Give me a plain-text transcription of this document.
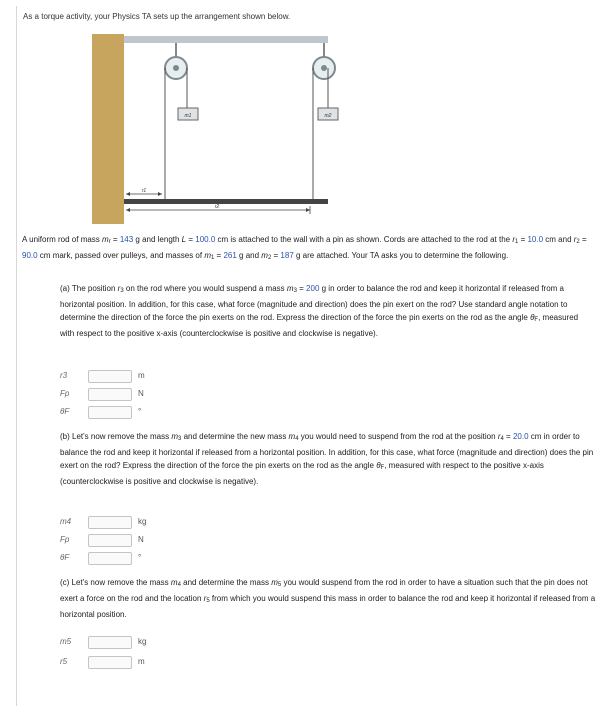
As a torque activity, your Physics TA sets up the arrangement shown below.
m1	m2
r1
r2
A uniform rod of mass mr = 143 g and length L = 100.0 cm is attached to the wall with a pin as shown. Cords are attached to the rod at the r1 = 10.0 cm and r2 = 90.0 cm mark, passed over pulleys, and masses of m1 = 261 g and m2 = 187 g are attached. Your TA asks you to determine the following.
(a) The position r3 on the rod where you would suspend a mass m3 = 200 g in order to balance the rod and keep it horizontal if released from a horizontal position. In addition, for this case, what force (magnitude and direction) does the pin exert on the rod? Use standard angle notation to determine the direction of the force the pin exerts on the rod. Express the direction of the force the pin exerts on the rod as the angle θF, measured with respect to the positive x-axis (counterclockwise is positive and clockwise is negative).
r3	m
Fp	N
θF	°
(b) Let's now remove the mass m3 and determine the new mass m4 you would need to suspend from the rod at the position r4 = 20.0 cm in order to balance the rod and keep it horizontal if released from a horizontal position. In addition, for this case, what force (magnitude and direction) does the pin exert on the rod? Express the direction of the force the pin exerts on the rod as the angle θF, measured with respect to the positive x-axis (counterclockwise is positive and clockwise is negative).
m4	kg
Fp	N
θF	°
(c) Let's now remove the mass m4 and determine the mass m5 you would suspend from the rod in order to have a situation such that the pin does not exert a force on the rod and the location r5 from which you would suspend this mass in order to balance the rod and keep it horizontal if released from a horizontal position.
m5	kg
r5	m
